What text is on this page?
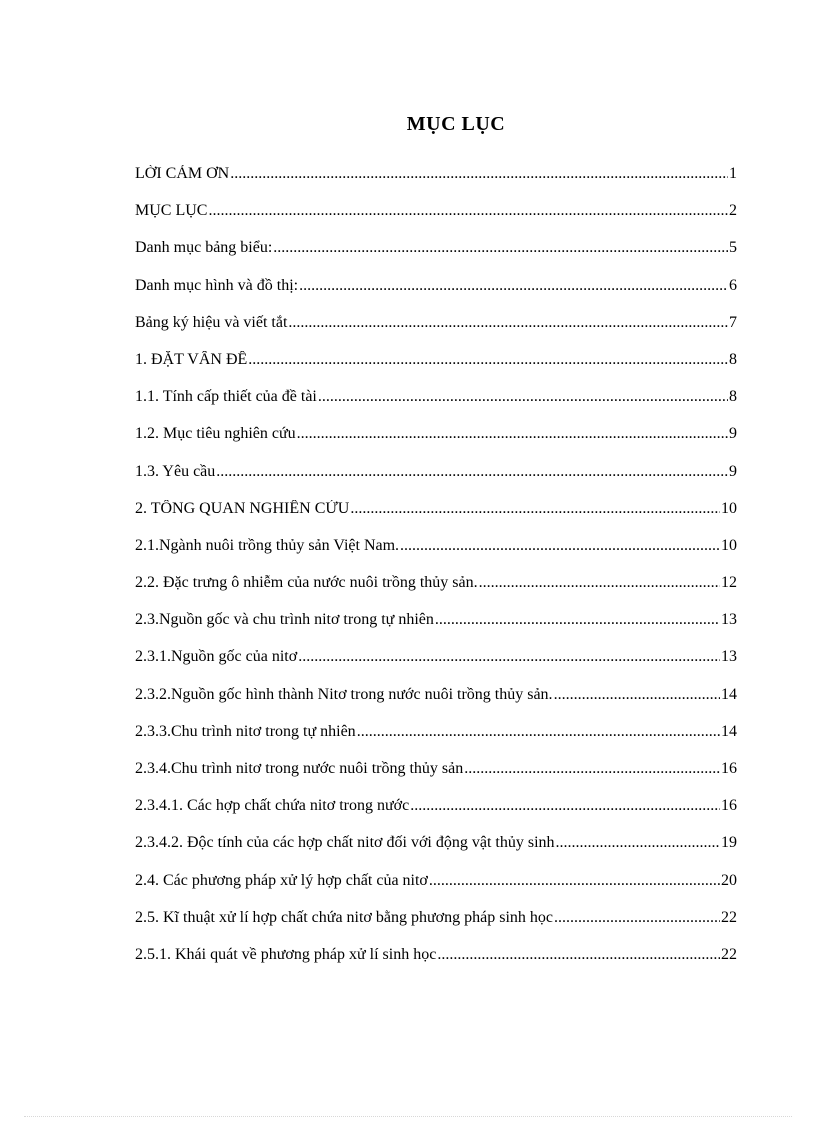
MỤC LỤC
LỜI CẢM ƠN .....	1
MỤC LỤC .....	2
Danh mục bảng biểu: .....	5
Danh mục hình và đồ thị: .....	6
Bảng ký hiệu và viết tắt .....	7
1. ĐẶT VẤN ĐỀ .....	8
1.1. Tính cấp thiết của đề tài .....	8
1.2. Mục tiêu nghiên cứu .....	9
1.3. Yêu cầu .....	9
2. TỔNG QUAN NGHIÊN CỨU .....	10
2.1.Ngành nuôi trồng thủy sản Việt Nam. .....	10
2.2. Đặc trưng ô nhiễm của nước nuôi trồng thủy sản. .....	12
2.3.Nguồn gốc và chu trình nitơ trong tự nhiên .....	13
2.3.1.Nguồn gốc của nitơ .....	13
2.3.2.Nguồn gốc hình thành Nitơ trong nước nuôi trồng thủy sản. .....	14
2.3.3.Chu trình nitơ trong tự nhiên .....	14
2.3.4.Chu trình nitơ trong nước nuôi trồng thủy sản .....	16
2.3.4.1. Các hợp chất chứa nitơ trong nước .....	16
2.3.4.2. Độc tính của các hợp chất nitơ đối với động vật thủy sinh .....	19
2.4. Các phương pháp xử lý hợp chất của nitơ .....	20
2.5. Kĩ thuật xử lí hợp chất chứa nitơ bằng phương pháp sinh học .....	22
2.5.1. Khái quát về phương pháp xử lí sinh học .....	22
